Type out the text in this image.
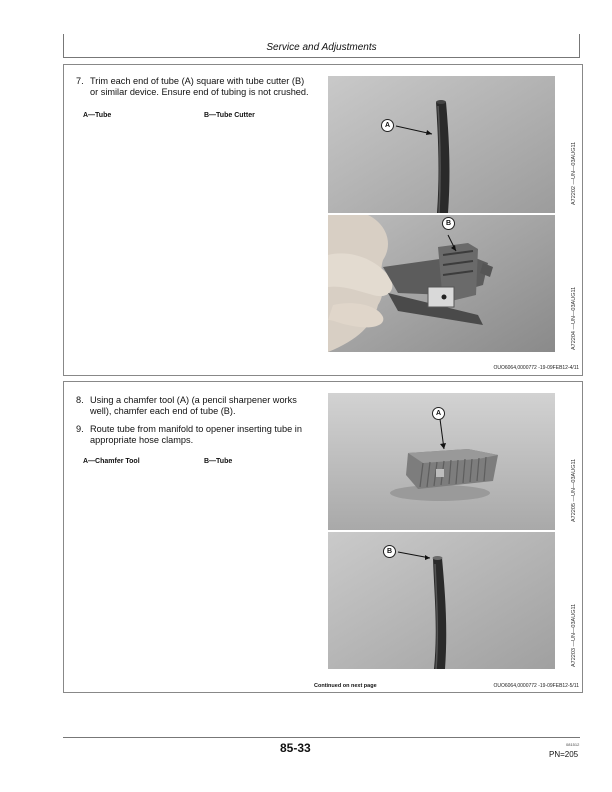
Service and Adjustments
7. Trim each end of tube (A) square with tube cutter (B)
or similar device. Ensure end of tubing is not crushed.
A—Tube	B—Tube Cutter
A
A72202 —UN—03AUG11
B
A72204 —UN—03AUG11
OUO6064,0000772 -19-09FEB12-4/11
8. Using a chamfer tool (A) (a pencil sharpener works
well), chamfer each end of tube (B).
9. Route tube from manifold to opener inserting tube in
appropriate hose clamps.
A—Chamfer Tool	B—Tube
A
A72205 —UN—03AUG11
B
A72203 —UN—03AUG11
Continued on next page	OUO6064,0000772 -19-09FEB12-5/11
85-33	081512
PN=205
